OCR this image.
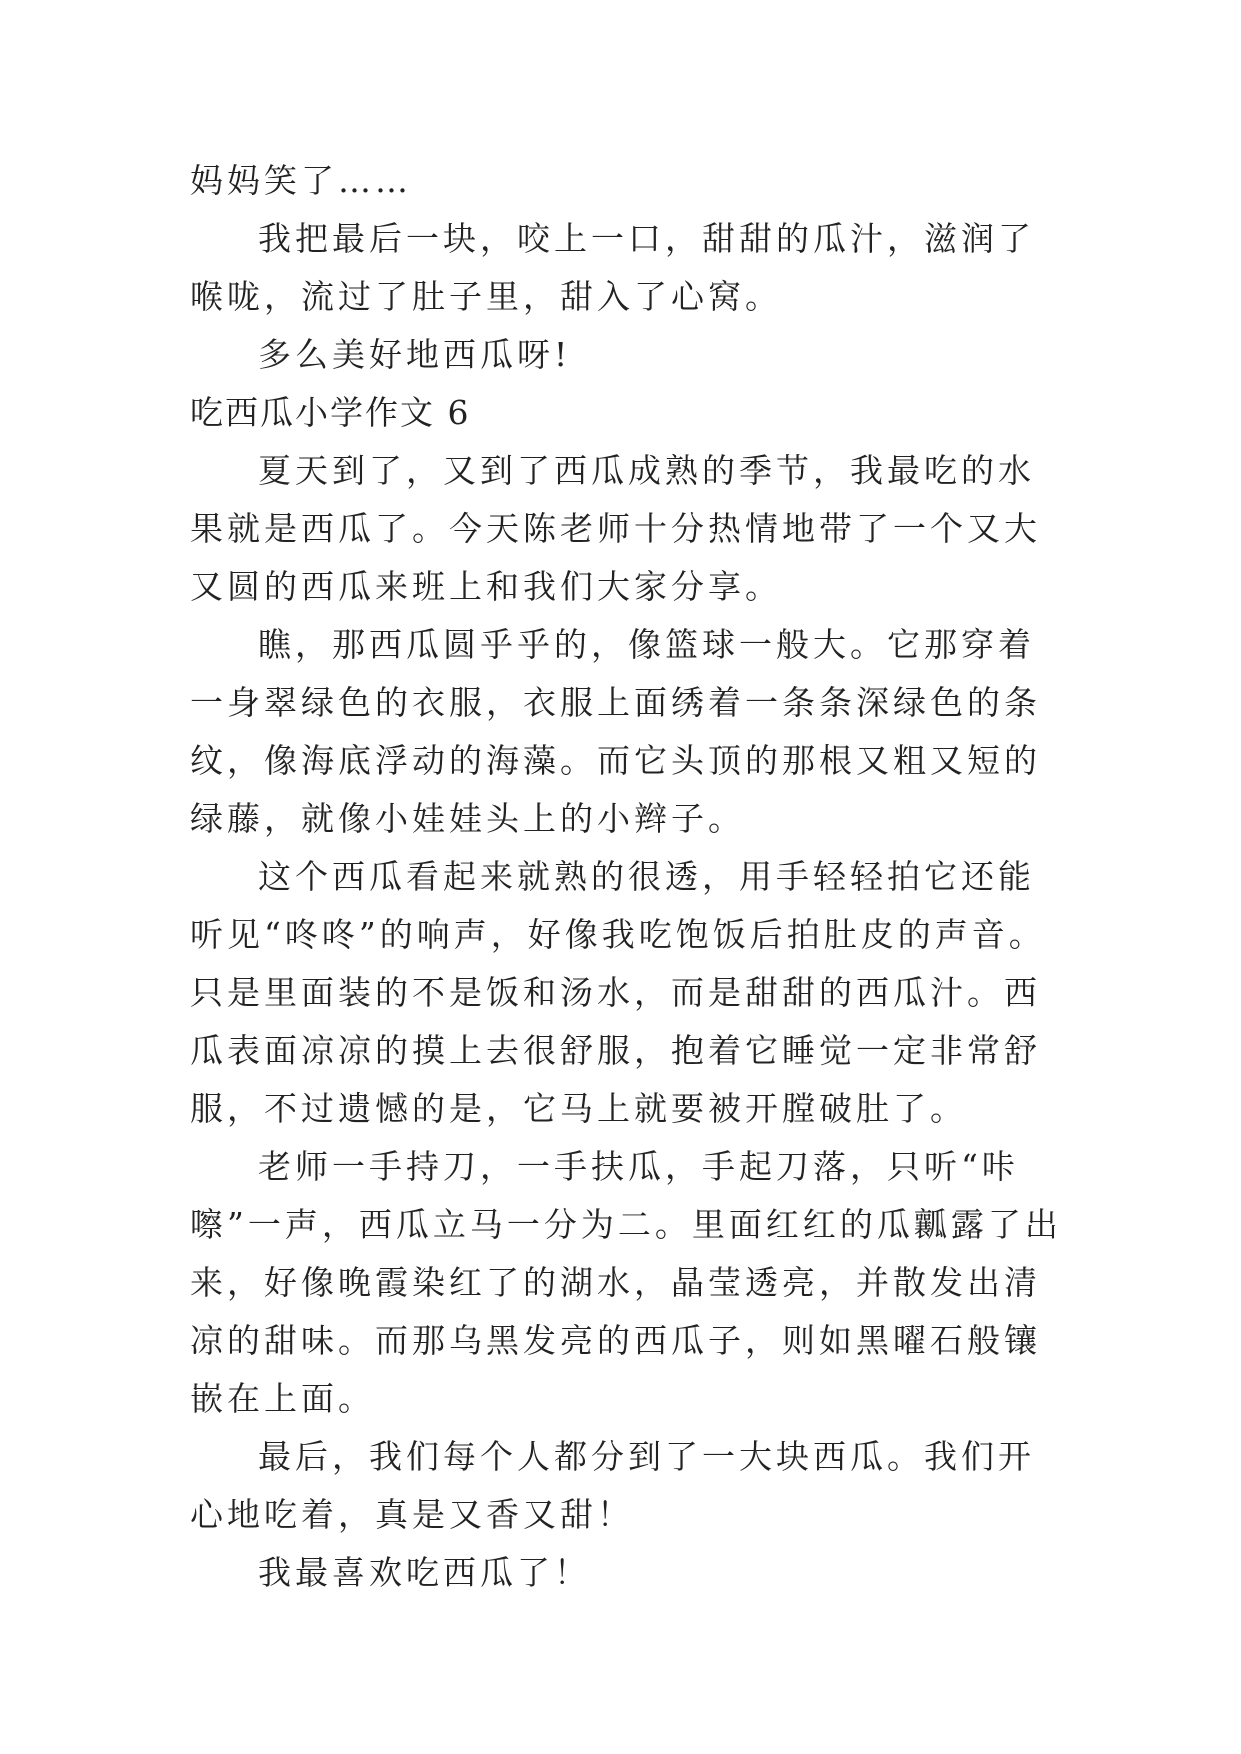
妈妈笑了……

我把最后一块，咬上一口，甜甜的瓜汁，滋润了喉咙，流过了肚子里，甜入了心窝。

多么美好地西瓜呀!

吃西瓜小学作文 6

夏天到了，又到了西瓜成熟的季节，我最吃的水果就是西瓜了。今天陈老师十分热情地带了一个又大又圆的西瓜来班上和我们大家分享。

瞧，那西瓜圆乎乎的，像篮球一般大。它那穿着一身翠绿色的衣服，衣服上面绣着一条条深绿色的条纹，像海底浮动的海藻。而它头顶的那根又粗又短的绿藤，就像小娃娃头上的小辫子。

这个西瓜看起来就熟的很透，用手轻轻拍它还能听见“咚咚”的响声，好像我吃饱饭后拍肚皮的声音。只是里面装的不是饭和汤水，而是甜甜的西瓜汁。西瓜表面凉凉的摸上去很舒服，抱着它睡觉一定非常舒服，不过遗憾的是，它马上就要被开膛破肚了。

老师一手持刀，一手扶瓜，手起刀落，只听“咔嚓”一声，西瓜立马一分为二。里面红红的瓜瓤露了出来，好像晚霞染红了的湖水，晶莹透亮，并散发出清凉的甜味。而那乌黑发亮的西瓜子，则如黑曜石般镶嵌在上面。

最后，我们每个人都分到了一大块西瓜。我们开心地吃着，真是又香又甜！

我最喜欢吃西瓜了！
